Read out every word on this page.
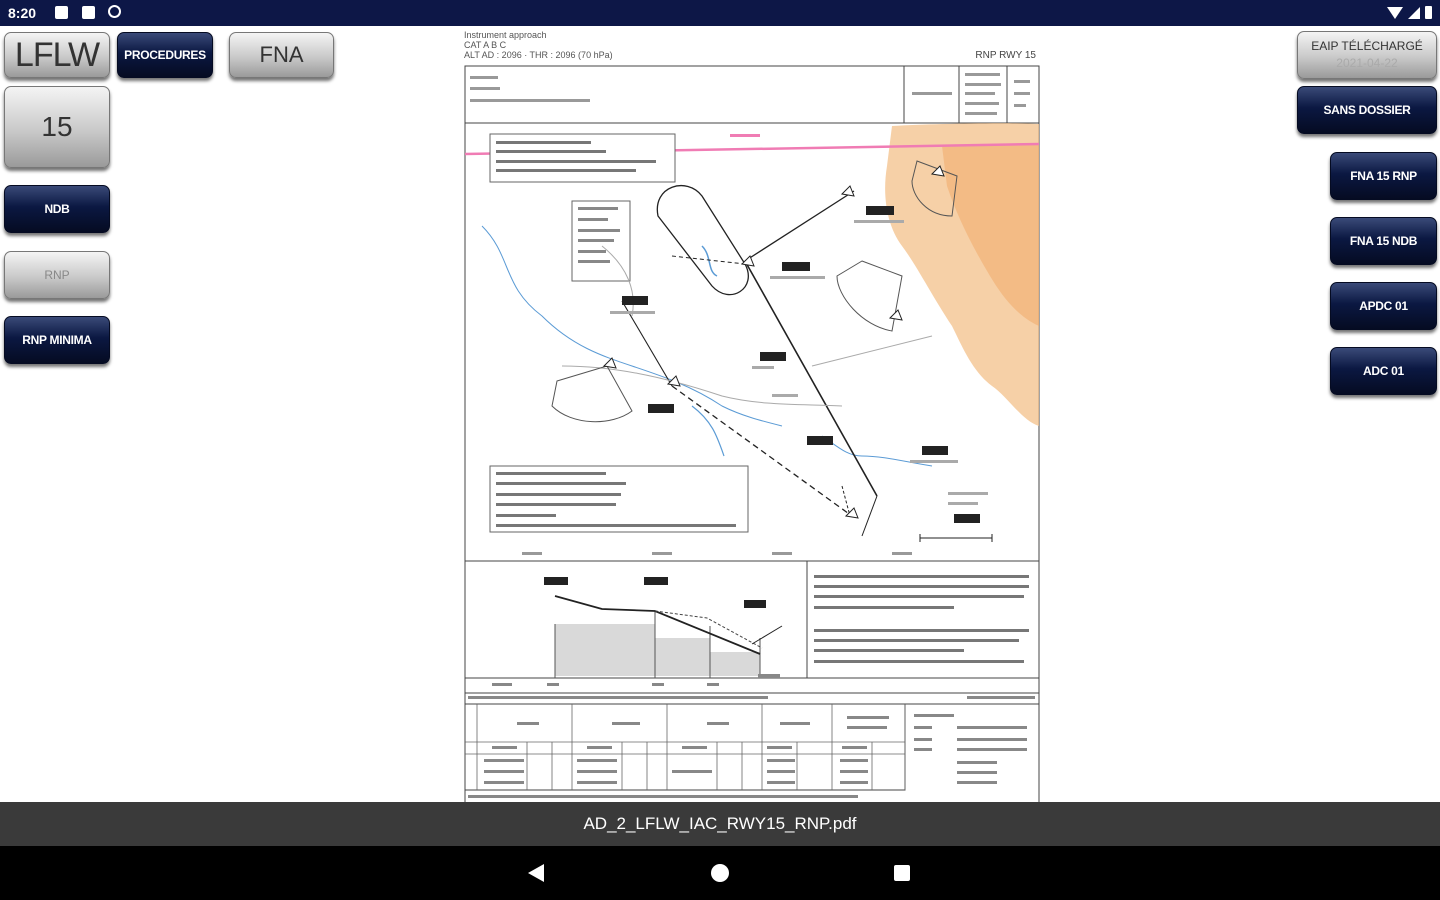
8:20
LFLW	PROCEDURES	FNA
15
NDB
RNP
RNP MINIMA
EAIP TÉLÉCHARGÉ
2021-04-22
SANS DOSSIER
FNA 15 RNP
FNA 15 NDB
APDC 01
ADC 01
Instrument approach
CAT A B C
ALT AD : 2096 · THR : 2096 (70 hPa)	RNP RWY 15
AD_2_LFLW_IAC_RWY15_RNP.pdf
